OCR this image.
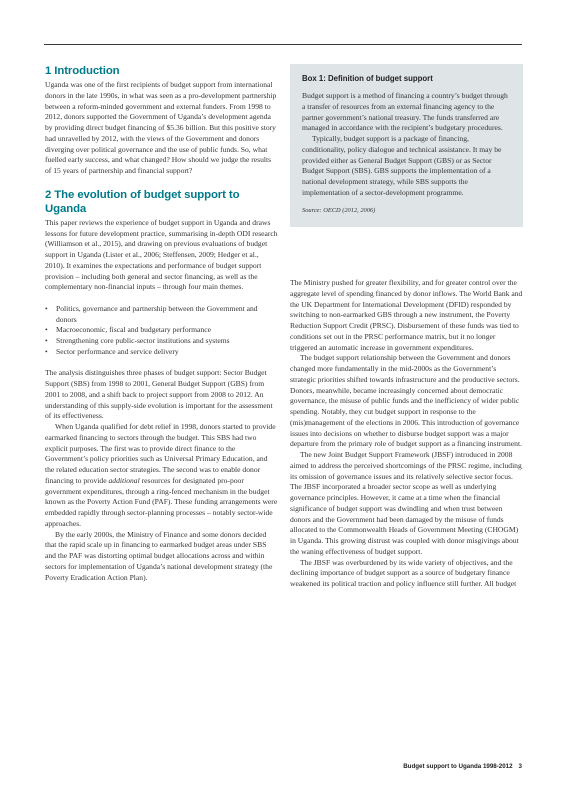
1 Introduction

Uganda was one of the first recipients of budget support from international donors in the late 1990s, in what was seen as a pro-development partnership between a reform-minded government and external funders. From 1998 to 2012, donors supported the Government of Uganda’s development agenda by providing direct budget financing of $5.36 billion. But this positive story had unravelled by 2012, with the views of the Government and donors diverging over political governance and the use of public funds. So, what fuelled early success, and what changed? How should we judge the results of 15 years of partnership and financial support?

2 The evolution of budget support to Uganda

This paper reviews the experience of budget support in Uganda and draws lessons for future development practice, summarising in-depth ODI research (Williamson et al., 2015), and drawing on previous evaluations of budget support in Uganda (Lister et al., 2006; Steffensen, 2009; Hedger et al., 2010). It examines the expectations and performance of budget support provision – including both general and sector financing, as well as the complementary non-financial inputs – through four main themes.

• Politics, governance and partnership between the Government and donors
• Macroeconomic, fiscal and budgetary performance
• Strengthening core public-sector institutions and systems
• Sector performance and service delivery

The analysis distinguishes three phases of budget support: Sector Budget Support (SBS) from 1998 to 2001, General Budget Support (GBS) from 2001 to 2008, and a shift back to project support from 2008 to 2012. An understanding of this supply-side evolution is important for the assessment of its effectiveness.

When Uganda qualified for debt relief in 1998, donors started to provide earmarked financing to sectors through the budget. This SBS had two explicit purposes. The first was to provide direct finance to the Government’s policy priorities such as Universal Primary Education, and the related education sector strategies. The second was to enable donor financing to provide additional resources for designated pro-poor government expenditures, through a ring-fenced mechanism in the budget known as the Poverty Action Fund (PAF). These funding arrangements were embedded rapidly through sector-planning processes – notably sector-wide approaches.

By the early 2000s, the Ministry of Finance and some donors decided that the rapid scale up in financing to earmarked budget areas under SBS and the PAF was distorting optimal budget allocations across and within sectors for implementation of Uganda’s national development strategy (the Poverty Eradication Action Plan).

Box 1: Definition of budget support

Budget support is a method of financing a country’s budget through a transfer of resources from an external financing agency to the partner government’s national treasury. The funds transferred are managed in accordance with the recipient’s budgetary procedures.

Typically, budget support is a package of financing, conditionality, policy dialogue and technical assistance. It may be provided either as General Budget Support (GBS) or as Sector Budget Support (SBS). GBS supports the implementation of a national development strategy, while SBS supports the implementation of a sector-development programme.

Source: OECD (2012, 2006)

The Ministry pushed for greater flexibility, and for greater control over the aggregate level of spending financed by donor inflows. The World Bank and the UK Department for International Development (DFID) responded by switching to non-earmarked GBS through a new instrument, the Poverty Reduction Support Credit (PRSC). Disbursement of these funds was tied to conditions set out in the PRSC performance matrix, but it no longer triggered an automatic increase in government expenditures.

The budget support relationship between the Government and donors changed more fundamentally in the mid-2000s as the Government’s strategic priorities shifted towards infrastructure and the productive sectors. Donors, meanwhile, became increasingly concerned about democratic governance, the misuse of public funds and the inefficiency of wider public spending. Notably, they cut budget support in response to the (mis)management of the elections in 2006. This introduction of governance issues into decisions on whether to disburse budget support was a major departure from the primary role of budget support as a financing instrument.

The new Joint Budget Support Framework (JBSF) introduced in 2008 aimed to address the perceived shortcomings of the PRSC regime, including its omission of governance issues and its relatively selective sector focus. The JBSF incorporated a broader sector scope as well as underlying governance principles. However, it came at a time when the financial significance of budget support was dwindling and when trust between donors and the Government had been damaged by the misuse of funds allocated to the Commonwealth Heads of Government Meeting (CHOGM) in Uganda. This growing distrust was coupled with donor misgivings about the waning effectiveness of budget support.

The JBSF was overburdened by its wide variety of objectives, and the declining importance of budget support as a source of budgetary finance weakened its political traction and policy influence still further. All budget

Budget support to Uganda 1998-2012 3
